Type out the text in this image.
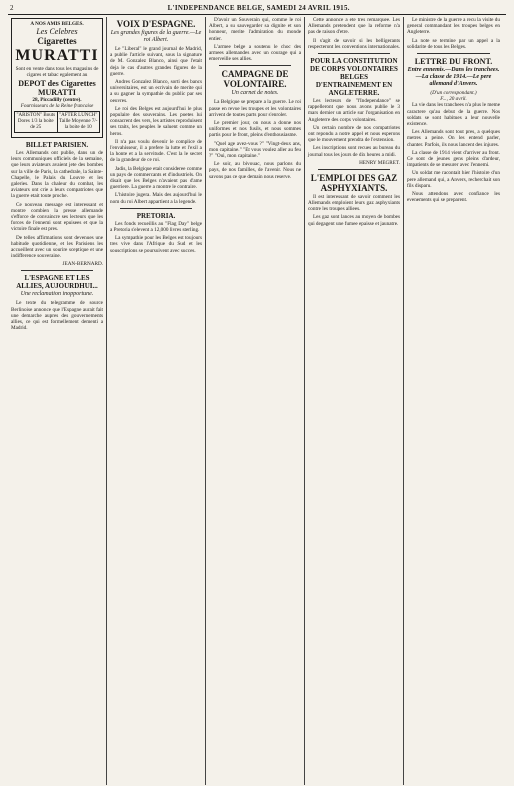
2	L'INDEPENDANCE BELGE, SAMEDI 24 AVRIL 1915.
A NOS AMIS BELGES.
Les Celebres
Cigarettes
MURATTI
Sont en vente dans tous les magasins de cigares et tabac egalement au
DEPOT des Cigarettes MURATTI
28, Piccadilly (centre).
Fournisseurs de la Reine francaise
"ARISTON" Bouts Dores 1/3 la boite de 25
"AFTER LUNCH" Taille Moyenne 7/- la boite de 10
BILLET PARISIEN.

Les Allemands ont publie, dans un de leurs communiques officiels de la semaine, que leurs aviateurs avaient jete des bombes sur la ville de Paris, la cathedrale, la Sainte-Chapelle, le Palais du Louvre et les galeries. Dans la chaleur du combat, les aviateurs ont crie a leurs compatriotes que la guerre etait toute proche.

Ce nouveau message est interessant et montre combien la presse allemande s'efforce de convaincre ses lecteurs que les forces de l'ennemi sont epuisees et que la victoire finale est pres.

De telles affirmations sont devenues une habitude quotidienne, et les Parisiens les accueillent avec un sourire sceptique et une indifference souveraine.

JEAN-BERNARD.
L'ESPAGNE ET LES ALLIES, AUJOURDHUI...
Une reclamation inopportune.

Le texte du telegramme de source Berlinoise annonce que l'Espagne aurait fait une demarche aupres des gouvernements allies, ce qui est formellement dementi a Madrid.

VOIX D'ESPAGNE.
Les grandes figures de la guerre.—Le roi Albert.

Le "Liberal" le grand journal de Madrid, a publie l'article suivant, sous la signature de M. Gonzalez Blanco, ainsi que l'etait deja le cas d'autres grandes figures de la guerre.

Andres Gonzalez Blanco, sorti des bancs universitaires, est un ecrivain de merite qui a su gagner la sympathie du public par ses oeuvres.

Le roi des Belges est aujourd'hui le plus populaire des souverains. Les poetes lui consacrent des vers, les artistes reproduisent ses traits, les peuples le saluent comme un heros.

Il n'a pas voulu devenir le complice de l'envahisseur, il a prefere la lutte et l'exil a la honte et a la servitude. C'est la le secret de la grandeur de ce roi.

Jadis, la Belgique etait consideree comme un pays de commercants et d'industriels. On disait que les Belges n'avaient pas d'ame guerriere. La guerre a montre le contraire.

L'histoire jugera. Mais des aujourd'hui le nom du roi Albert appartient a la legende.

PRETORIA.

Les fonds recueillis au "Flag Day" belge a Pretoria s'elevent a 12,000 livres sterling.

La sympathie pour les Belges est toujours tres vive dans l'Afrique du Sud et les souscriptions se poursuivent avec succes.

D'avoir un Souverain qui, comme le roi Albert, a su sauvegarder sa dignite et son honneur, merite l'admiration du monde entier.

L'armee belge a soutenu le choc des armees allemandes avec un courage qui a emerveille ses allies.

CAMPAGNE DE VOLONTAIRE.
Un carnet de notes.

La Belgique se prepare a la guerre. Le roi passe en revue les troupes et les volontaires arrivent de toutes parts pour s'enroler.

Le premier jour, on nous a donne nos uniformes et nos fusils, et nous sommes partis pour le front, pleins d'enthousiasme.

"Quel age avez-vous ?" "Vingt-deux ans, mon capitaine." "Et vous voulez aller au feu ?" "Oui, mon capitaine."

Le soir, au bivouac, nous parlons du pays, de nos familles, de l'avenir. Nous ne savons pas ce que demain nous reserve.

Cette annonce a ete tres remarquee. Les Allemands pretendent que la reforme n'a pas de raison d'etre.

Il s'agit de savoir si les belligerants respecteront les conventions internationales.

POUR LA CONSTITUTION DE CORPS VOLONTAIRES BELGES D'ENTRAINEMENT EN ANGLETERRE.

Les lecteurs de "l'Independance" se rappelleront que nous avons publie le 3 mars dernier un article sur l'organisation en Angleterre des corps volontaires.

Un certain nombre de nos compatriotes ont repondu a notre appel et nous esperons que le mouvement prendra de l'extension.

Les inscriptions sont recues au bureau du journal tous les jours de dix heures a midi.

HENRY MEGRET.
L'EMPLOI DES GAZ ASPHYXIANTS.

Il est interessant de savoir comment les Allemands emploient leurs gaz asphyxiants contre les troupes alliees.

Les gaz sont lances au moyen de bombes qui degagent une fumee epaisse et jaunatre.

Le ministre de la guerre a recu la visite du general commandant les troupes belges en Angleterre.

La note se termine par un appel a la solidarite de tous les Belges.

LETTRE DU FRONT.
Entre ennemis.—Dans les tranchees.—La classe de 1914.—Le pere allemand d'Anvers.
(D'un correspondant.)
F..., 20 avril.

La vie dans les tranchees n'a plus le meme caractere qu'au debut de la guerre. Nos soldats se sont habitues a leur nouvelle existence.

Les Allemands sont tout pres, a quelques metres a peine. On les entend parler, chanter. Parfois, ils nous lancent des injures.

La classe de 1914 vient d'arriver au front. Ce sont de jeunes gens pleins d'ardeur, impatients de se mesurer avec l'ennemi.

Un soldat me racontait hier l'histoire d'un pere allemand qui, a Anvers, recherchait son fils disparu.

Nous attendons avec confiance les evenements qui se preparent.
